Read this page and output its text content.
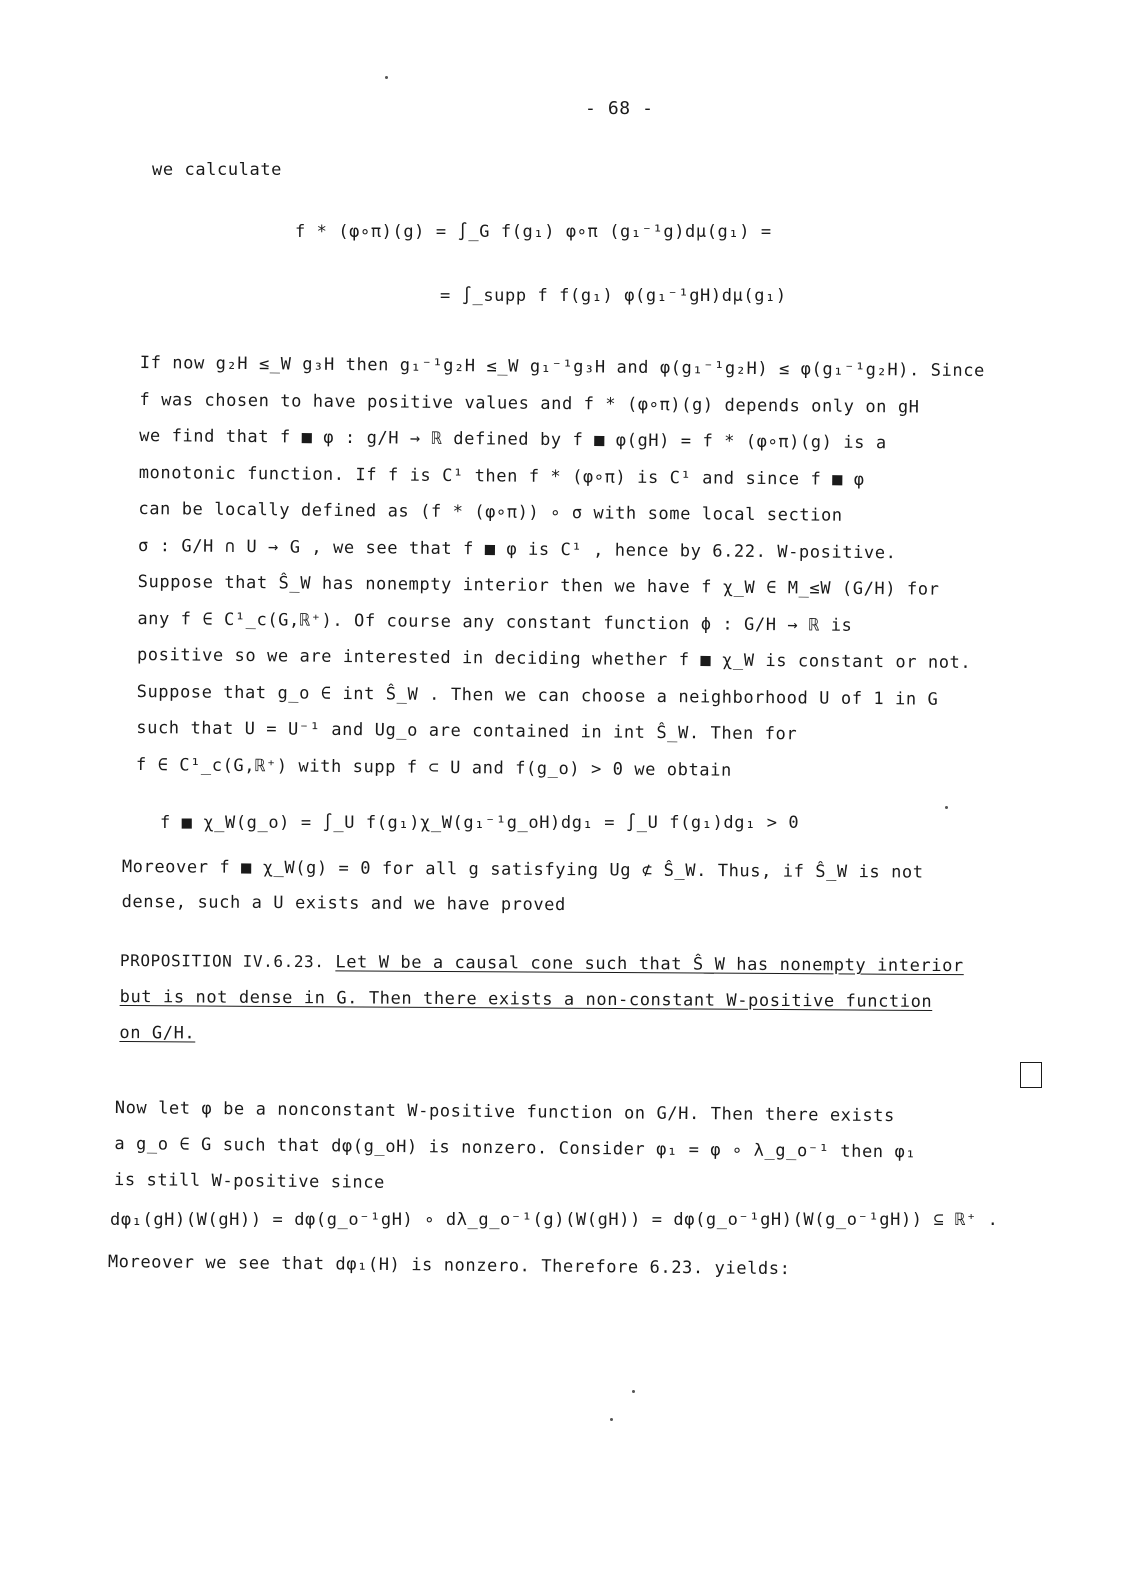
- 68 -
we calculate
f * (φ∘π)(g) = ∫_G f(g₁) φ∘π (g₁⁻¹g)dμ(g₁) =
= ∫_supp f f(g₁) φ(g₁⁻¹gH)dμ(g₁)
If now g₂H ≤_W g₃H then g₁⁻¹g₂H ≤_W g₁⁻¹g₃H and φ(g₁⁻¹g₂H) ≤ φ(g₁⁻¹g₂H). Since
f was chosen to have positive values and f * (φ∘π)(g) depends only on gH
we find that f ■ φ : g/H → ℝ defined by f ■ φ(gH) = f * (φ∘π)(g) is a
monotonic function. If f is C¹ then f * (φ∘π) is C¹ and since f ■ φ
can be locally defined as (f * (φ∘π)) ∘ σ with some local section
σ : G/H ∩ U → G , we see that f ■ φ is C¹ , hence by 6.22. W-positive.
Suppose that Ŝ_W has nonempty interior then we have f χ_W ∈ M_≤W (G/H) for
any f ∈ C¹_c(G,ℝ⁺). Of course any constant function ϕ : G/H → ℝ is
positive so we are interested in deciding whether f ■ χ_W is constant or not.
Suppose that g_o ∈ int Ŝ_W . Then we can choose a neighborhood U of 1 in G
such that U = U⁻¹ and Ug_o are contained in int Ŝ_W. Then for
f ∈ C¹_c(G,ℝ⁺) with supp f ⊂ U and f(g_o) > 0 we obtain
f ■ χ_W(g_o) = ∫_U f(g₁)χ_W(g₁⁻¹g_oH)dg₁ = ∫_U f(g₁)dg₁ > 0
Moreover f ■ χ_W(g) = 0 for all g satisfying Ug ⊄ Ŝ_W. Thus, if Ŝ_W is not
dense, such a U exists and we have proved
PROPOSITION IV.6.23. Let W be a causal cone such that Ŝ_W has nonempty interior
but is not dense in G. Then there exists a non-constant W-positive function
on G/H.
Now let φ be a nonconstant W-positive function on G/H. Then there exists
a g_o ∈ G such that dφ(g_oH) is nonzero. Consider φ₁ = φ ∘ λ_g_o⁻¹ then φ₁
is still W-positive since
dφ₁(gH)(W(gH)) = dφ(g_o⁻¹gH) ∘ dλ_g_o⁻¹(g)(W(gH)) = dφ(g_o⁻¹gH)(W(g_o⁻¹gH)) ⊆ ℝ⁺ .
Moreover we see that dφ₁(H) is nonzero. Therefore 6.23. yields:
